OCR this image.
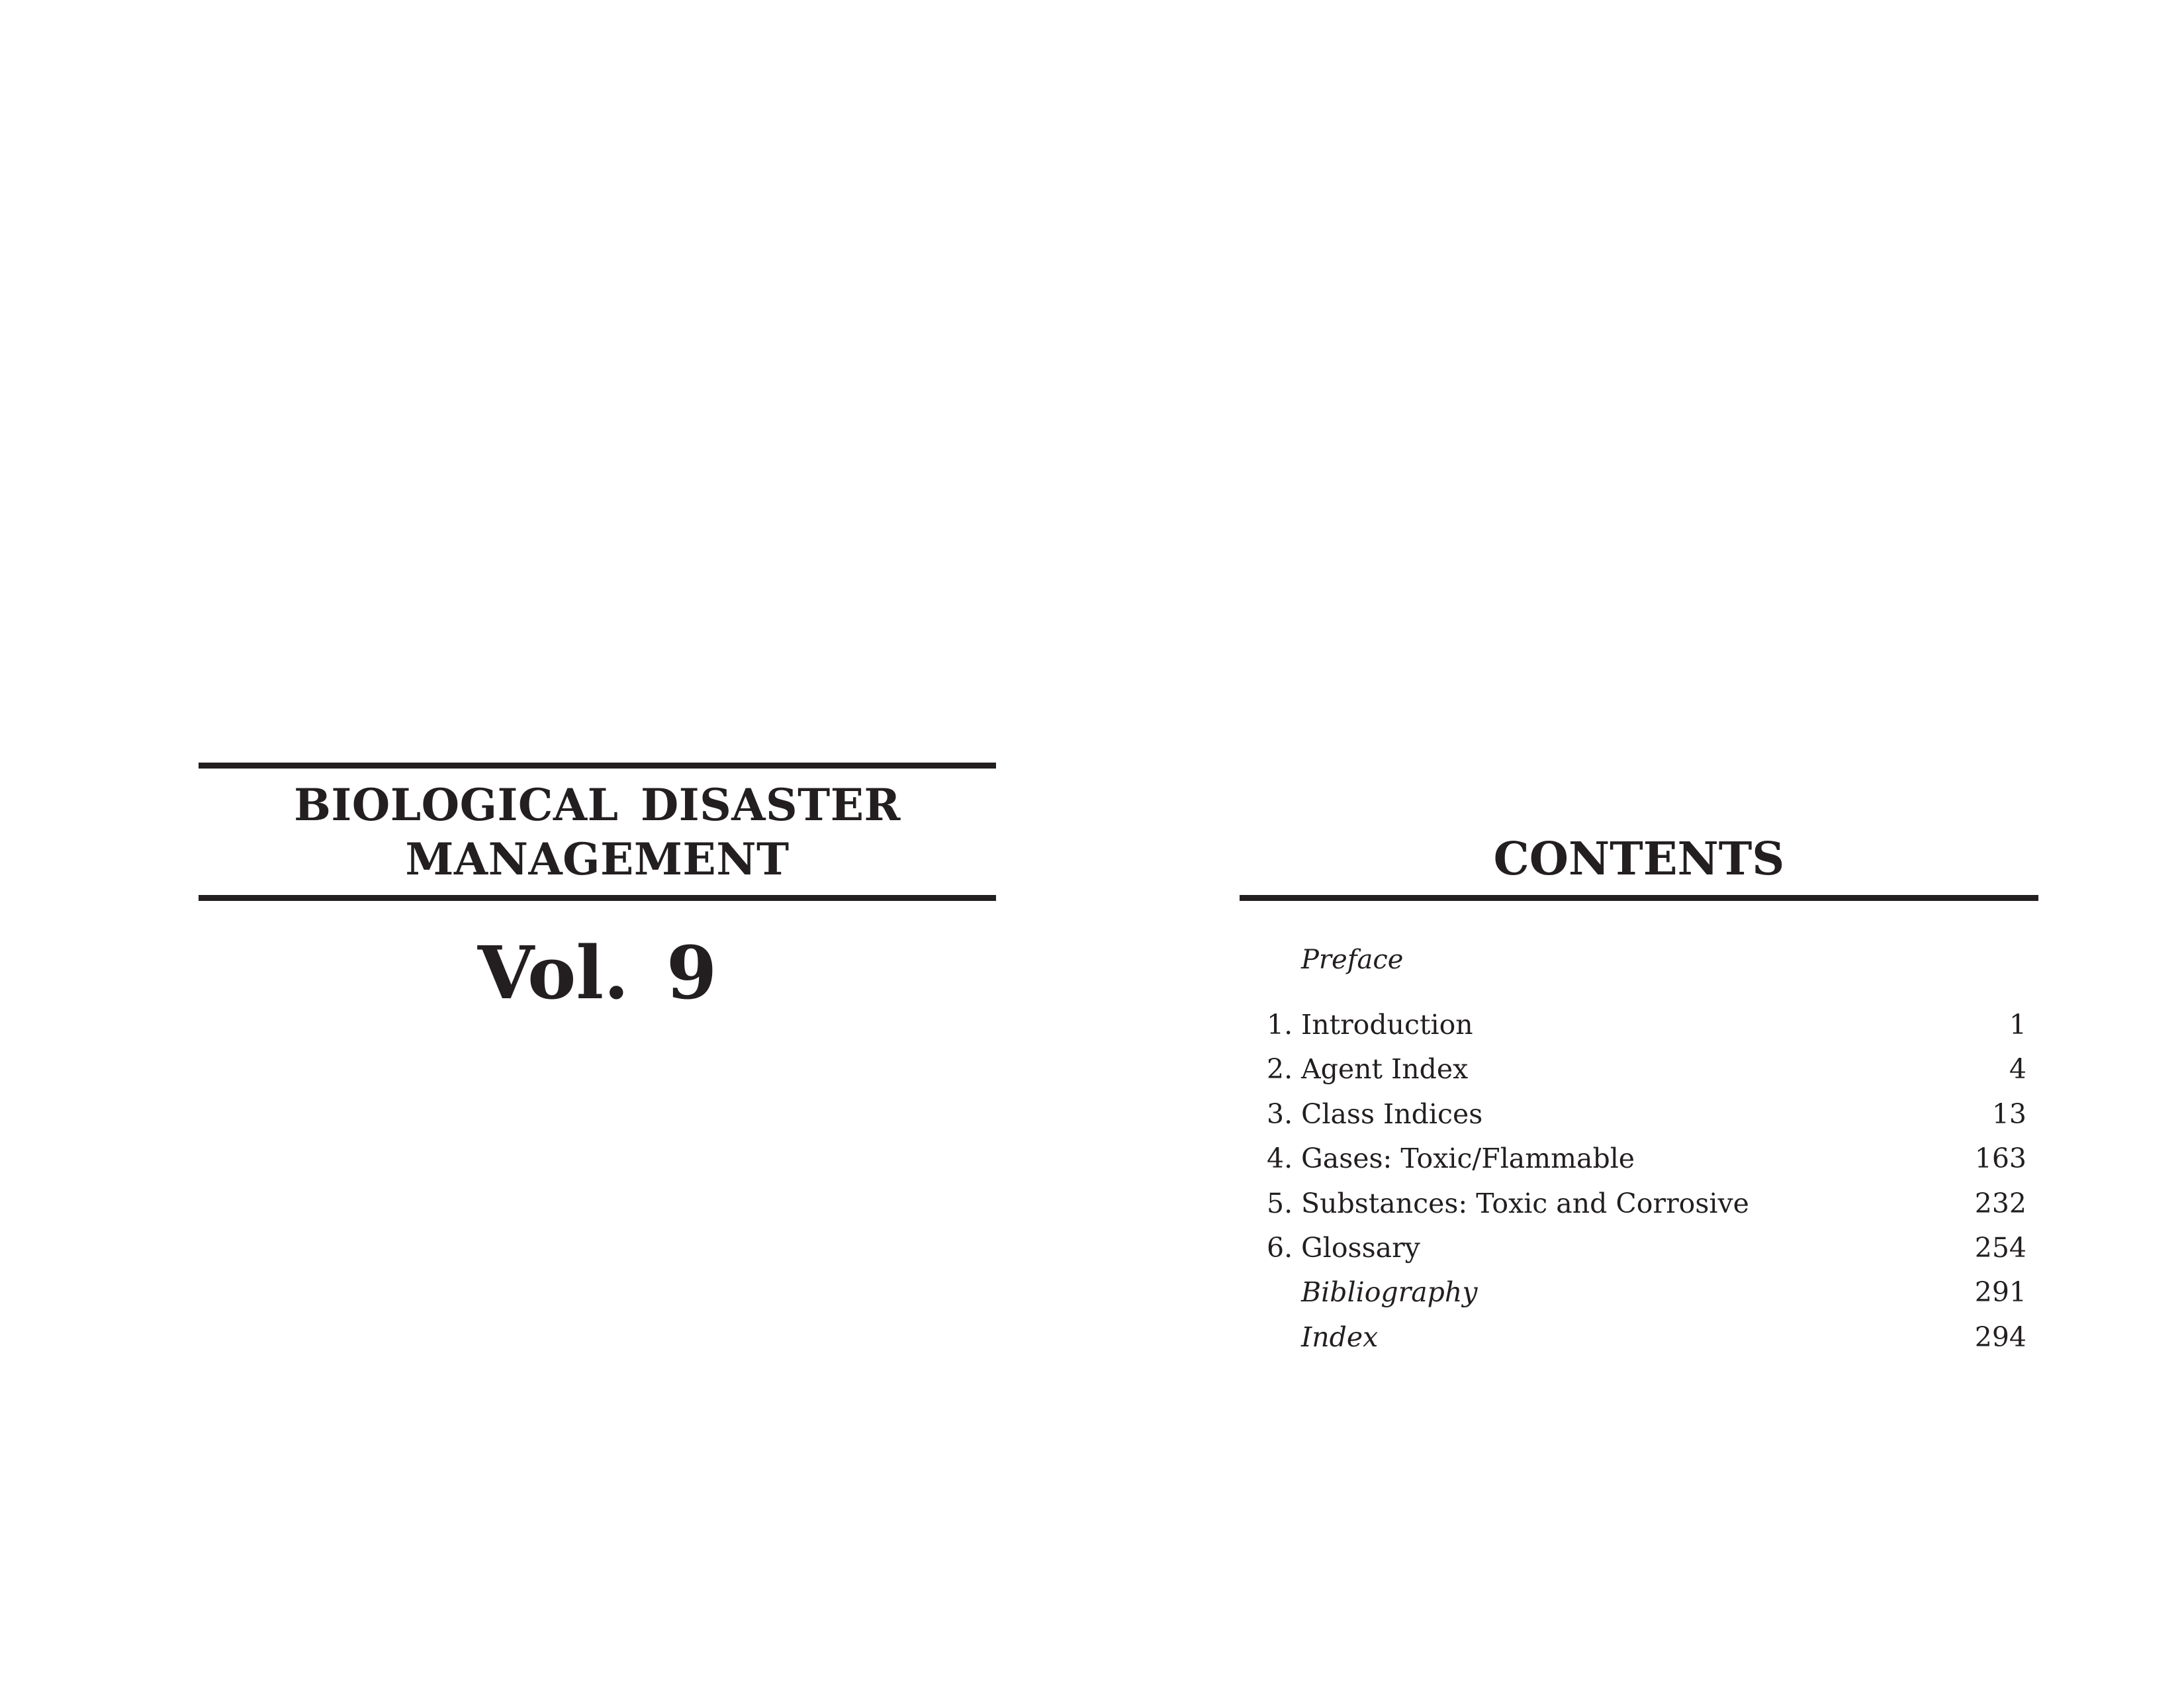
BIOLOGICAL DISASTER
MANAGEMENT
Vol. 9
CONTENTS
Preface
1. Introduction	1
2. Agent Index	4
3. Class Indices	13
4. Gases: Toxic/Flammable	163
5. Substances: Toxic and Corrosive	232
6. Glossary	254
Bibliography	291
Index	294
